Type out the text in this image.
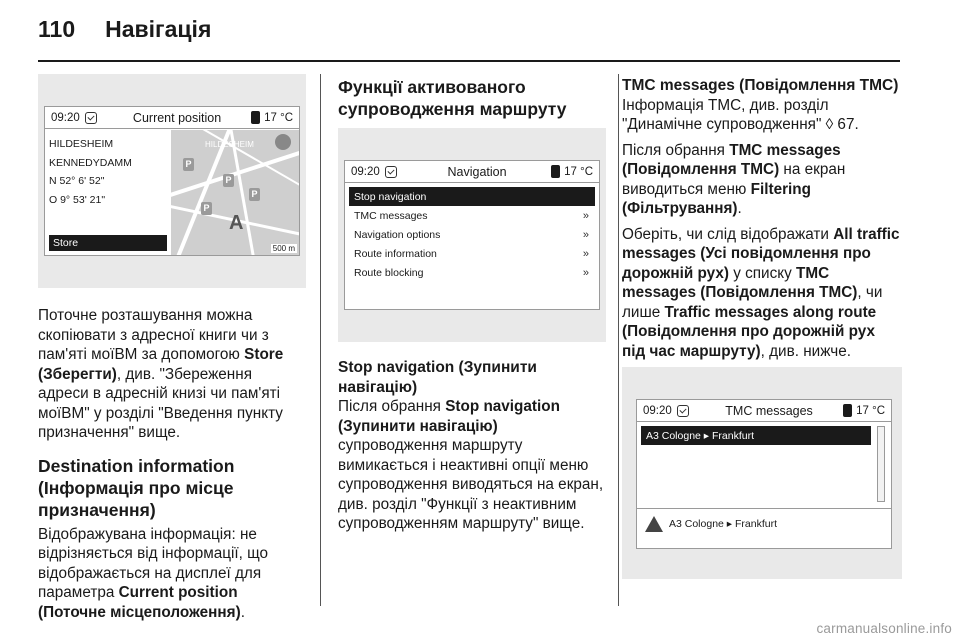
110 Навігація
09:20	Current position	17 °C
HILDESHEIM
KENNEDYDAMM
N 52° 6' 52"
O 9° 53' 21"
Store
HILDESHEIM
P
P
P
P
A
500 m

Поточне розташування можна скопіювати з адресної книги чи з пам'яті моїВМ за допомогою Store (Зберегти), див. "Збереження адреси в адресній книзі чи пам'яті моїВМ" у розділі "Введення пункту призначення" вище.

Destination information (Інформація про місце призначення)

Відображувана інформація: не відрізняється від інформації, що відображається на дисплеї для параметра Current position (Поточне місцеположення).

Функції активованого супроводження маршруту
09:20	Navigation	17 °C
Stop navigation
TMC messages	»
Navigation options	»
Route information	»
Route blocking	»
Stop navigation (Зупинити навігацію)

Після обрання Stop navigation (Зупинити навігацію) супроводження маршруту вимикається і неактивні опції меню супроводження виводяться на екран, див. розділ "Функції з неактивним супроводженням маршруту" вище.

TMC messages (Повідомлення TMC)

Інформація TMC, див. розділ "Динамічне супроводження" ◊ 67.

Після обрання TMC messages (Повідомлення TMC) на екран виводиться меню Filtering (Фільтрування).

Оберіть, чи слід відображати All traffic messages (Усі повідомлення про дорожній рух) у списку TMC messages (Повідомлення TMC), чи лише Traffic messages along route (Повідомлення про дорожній рух під час маршруту), див. нижче.

09:20	TMC messages	17 °C
A3 Cologne ▸ Frankfurt
A3 Cologne ▸ Frankfurt
carmanualsonline.info
